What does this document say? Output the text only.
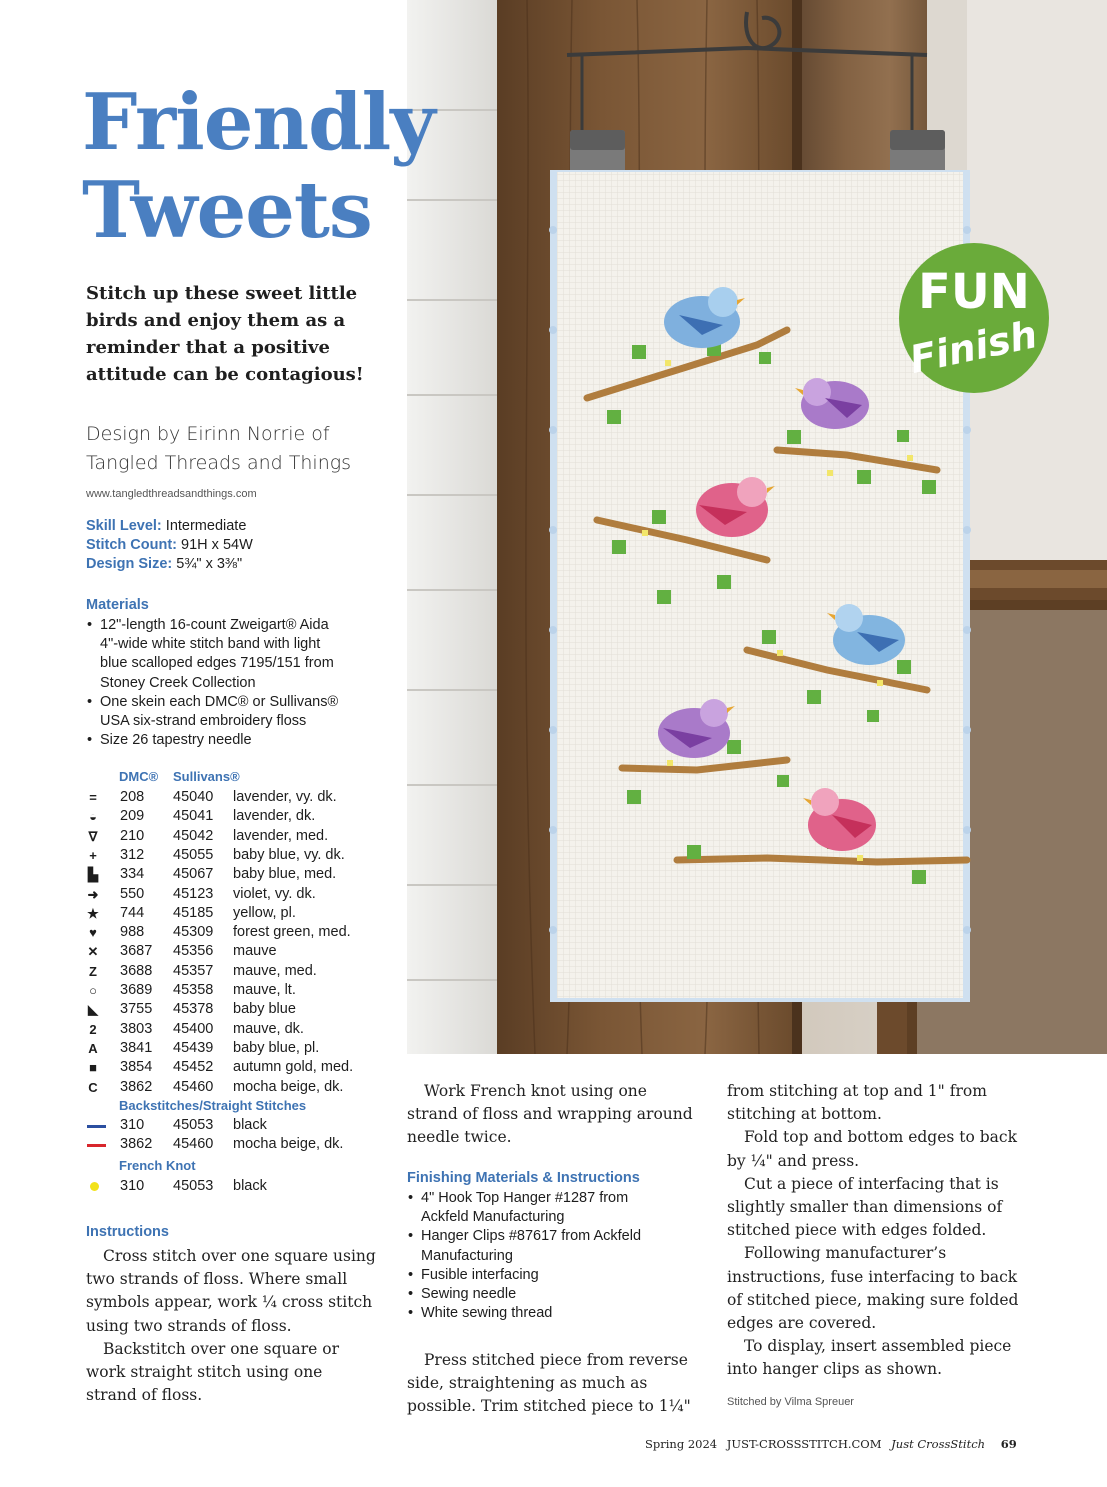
FUN
Finish
Friendly
Tweets
Stitch up these sweet little
birds and enjoy them as a
reminder that a positive
attitude can be contagious!
Design by Eirinn Norrie of
Tangled Threads and Things
www.tangledthreadsandthings.com
Skill Level: Intermediate
Stitch Count: 91H x 54W
Design Size: 5¾" x 3⅜"
Materials
• 12"-length 16-count Zweigart® Aida
4"-wide white stitch band with light
blue scalloped edges 7195/151 from
Stoney Creek Collection
• One skein each DMC® or Sullivans®
USA six-strand embroidery floss
• Size 26 tapestry needle
DMC® Sullivans®
= 208 45040 lavender, vy. dk.
◒ 209 45041 lavender, dk.
∇ 210 45042 lavender, med.
+ 312 45055 baby blue, vy. dk.
▙ 334 45067 baby blue, med.
➜ 550 45123 violet, vy. dk.
★ 744 45185 yellow, pl.
♥ 988 45309 forest green, med.
✕ 3687 45356 mauve
Z 3688 45357 mauve, med.
○ 3689 45358 mauve, lt.
◣ 3755 45378 baby blue
2 3803 45400 mauve, dk.
A 3841 45439 baby blue, pl.
■ 3854 45452 autumn gold, med.
C 3862 45460 mocha beige, dk.
Backstitches/Straight Stitches
310 45053 black
3862 45460 mocha beige, dk.
French Knot
310 45053 black
Instructions
Cross stitch over one square using
two strands of floss. Where small
symbols appear, work ¼ cross stitch
using two strands of floss.
Backstitch over one square or
work straight stitch using one
strand of floss.
Work French knot using one
strand of floss and wrapping around
needle twice.
Finishing Materials & Instructions
• 4" Hook Top Hanger #1287 from
Ackfeld Manufacturing
• Hanger Clips #87617 from Ackfeld
Manufacturing
• Fusible interfacing
• Sewing needle
• White sewing thread
Press stitched piece from reverse
side, straightening as much as
possible. Trim stitched piece to 1¼"
from stitching at top and 1" from
stitching at bottom.
Fold top and bottom edges to back
by ¼" and press.
Cut a piece of interfacing that is
slightly smaller than dimensions of
stitched piece with edges folded.
Following manufacturer’s
instructions, fuse interfacing to back
of stitched piece, making sure folded
edges are covered.
To display, insert assembled piece
into hanger clips as shown.
Stitched by Vilma Spreuer
Spring 2024 JUST-CROSSSTITCH.COM Just CrossStitch 69
